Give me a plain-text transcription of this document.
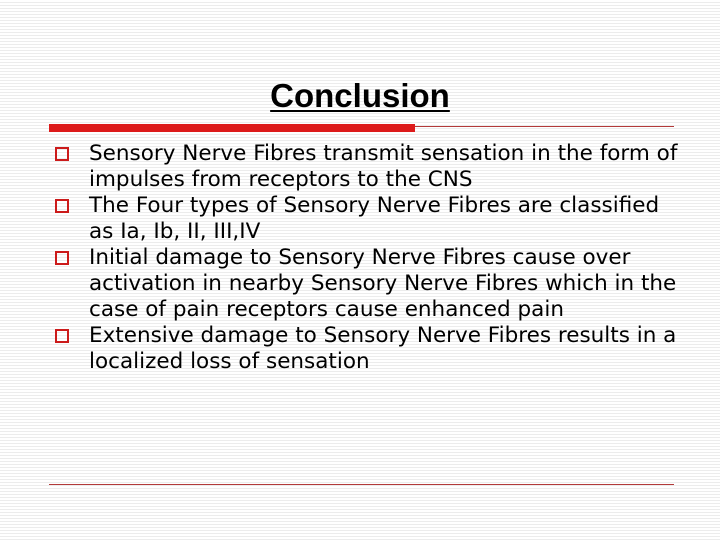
Conclusion
Sensory Nerve Fibres transmit sensation in the form of impulses from receptors to the CNS
The Four types of Sensory Nerve Fibres are classified as Ia, Ib, II, III,IV
Initial damage to Sensory Nerve Fibres cause over activation in nearby Sensory Nerve Fibres which in the case of pain receptors cause enhanced pain
Extensive damage to Sensory Nerve Fibres results in a localized loss of sensation
